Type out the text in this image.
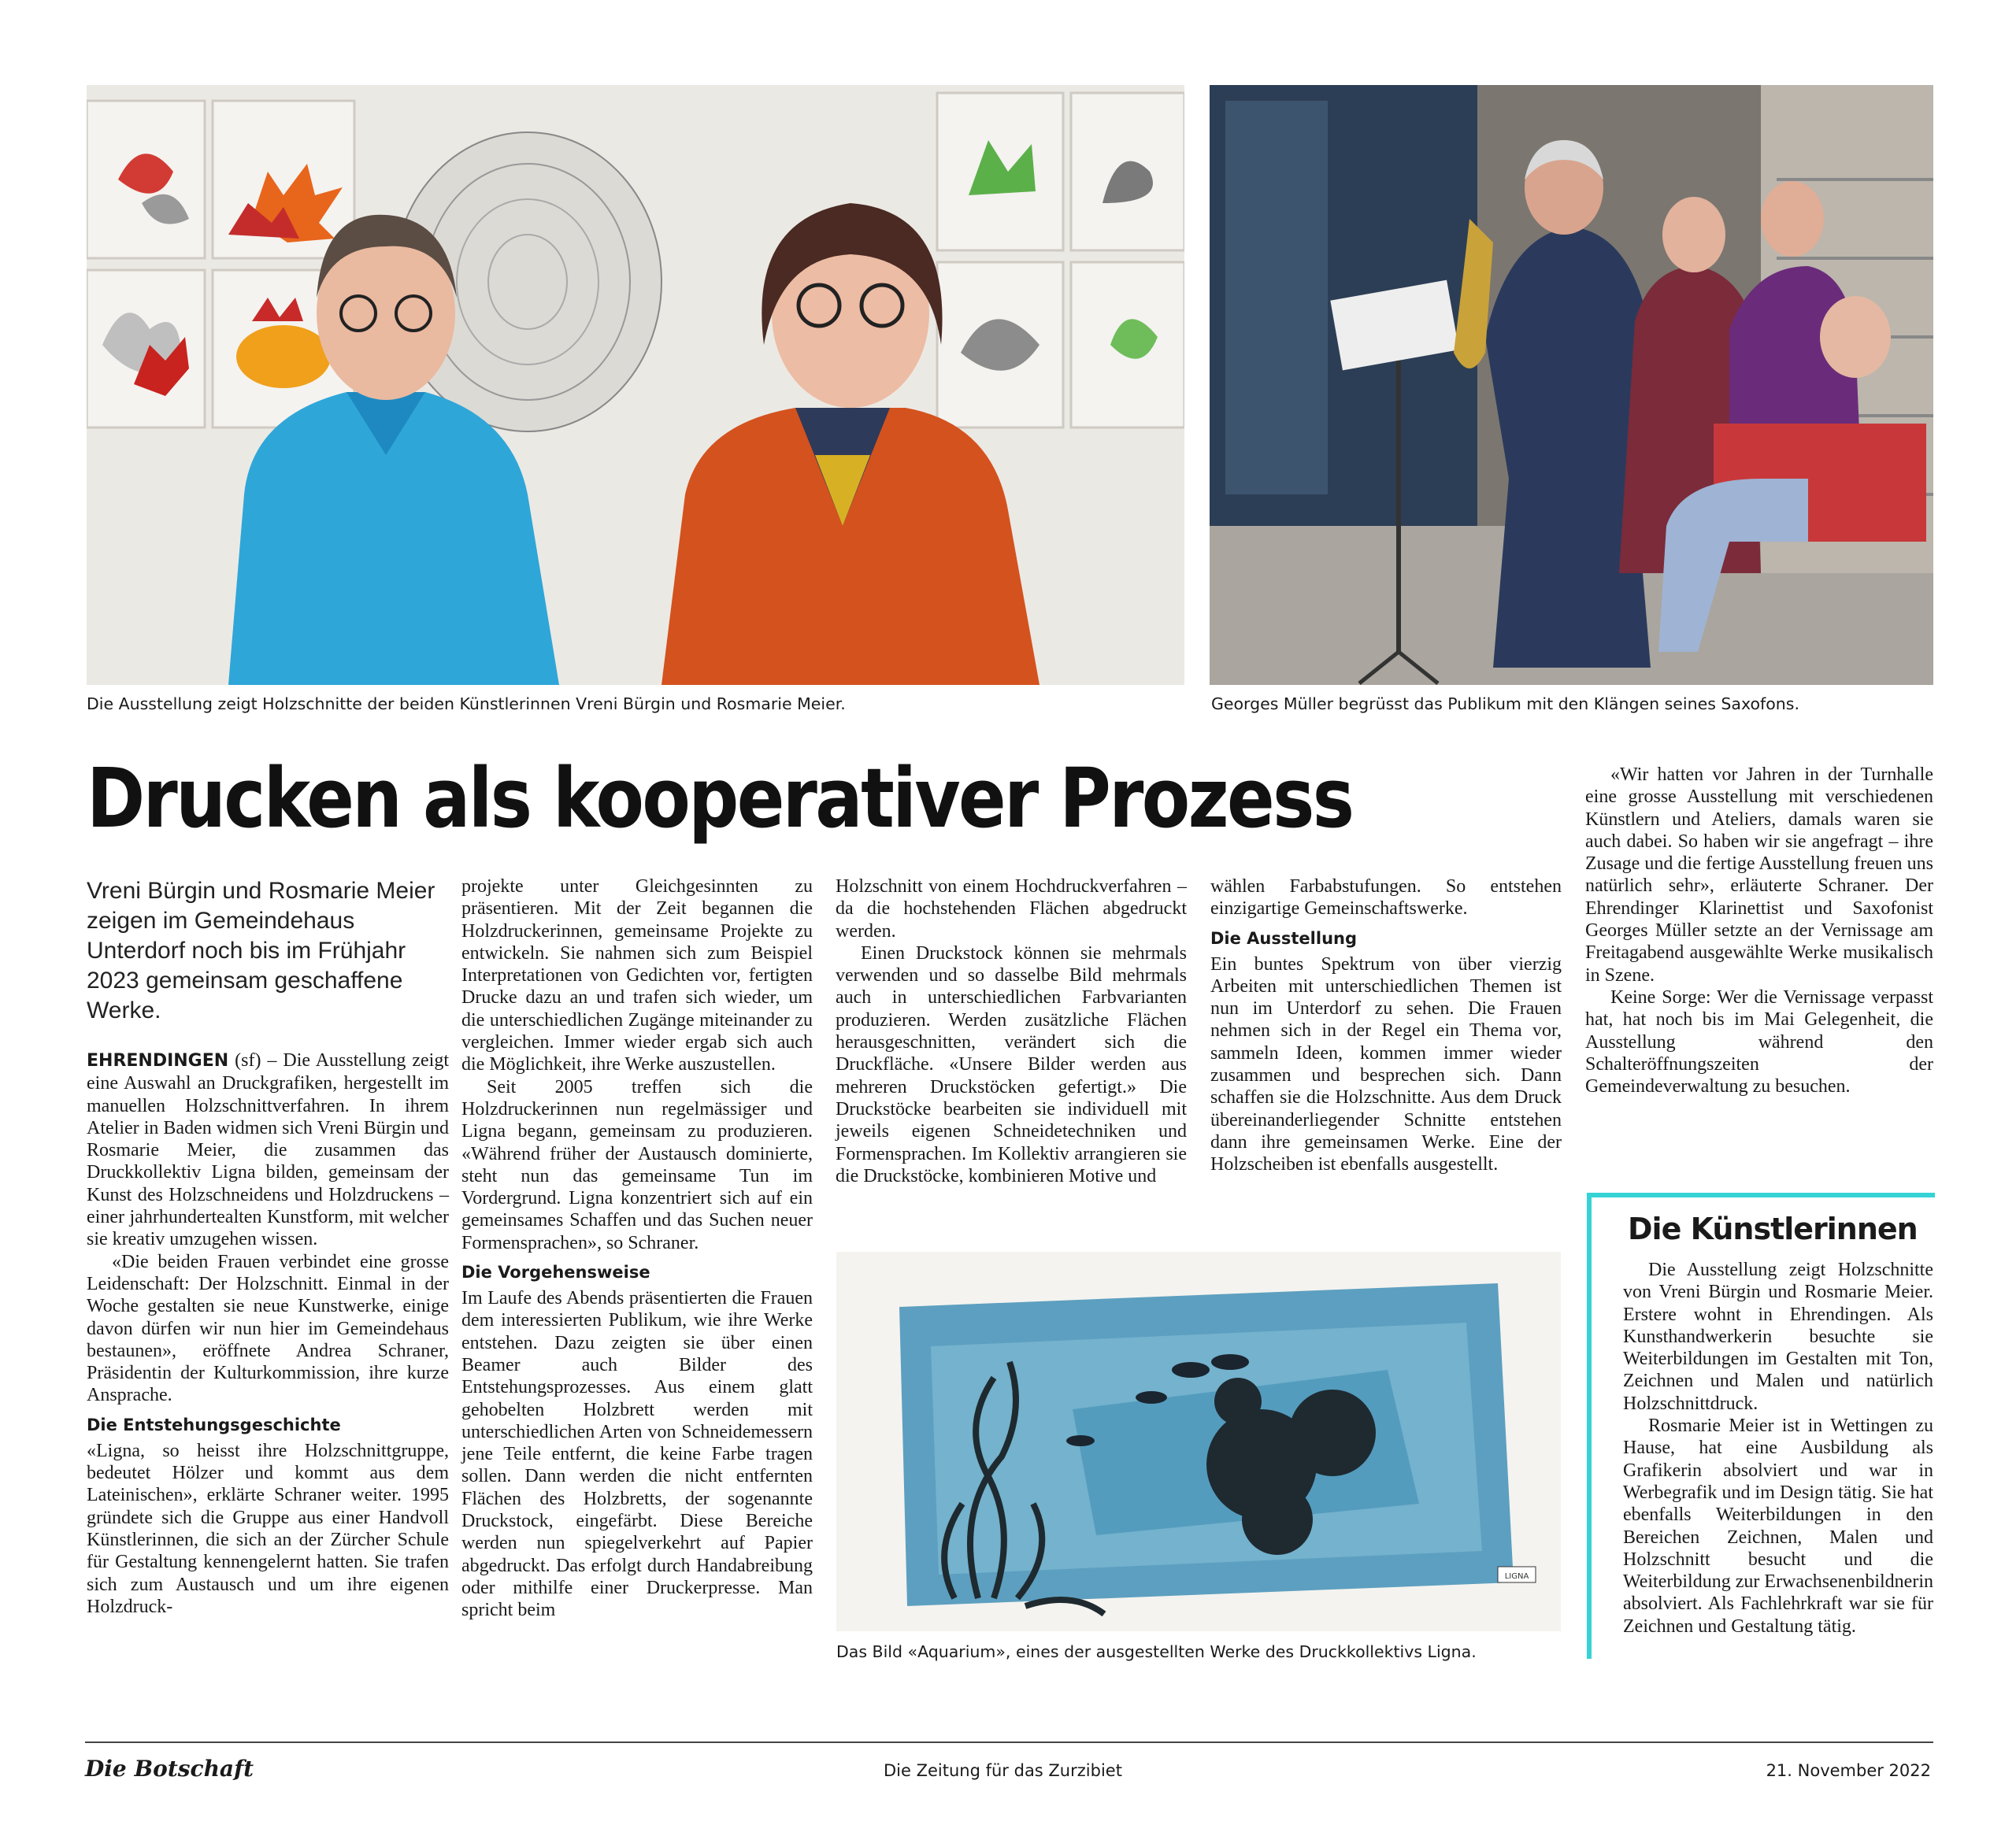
Die Ausstellung zeigt Holzschnitte der beiden Künstlerinnen Vreni Bürgin und Rosmarie Meier.	Georges Müller begrüsst das Publikum mit den Klängen seines Saxofons.
Drucken als kooperativer Prozess
Vreni Bürgin und Rosmarie Meier zeigen im Gemeindehaus Unterdorf noch bis im Frühjahr 2023 gemeinsam geschaffene Werke.

EHRENDINGEN (sf) – Die Ausstellung zeigt eine Auswahl an Druckgrafiken, hergestellt im manuellen Holzschnittverfahren. In ihrem Atelier in Baden widmen sich Vreni Bürgin und Rosmarie Meier, die zusammen das Druckkollektiv Ligna bilden, gemeinsam der Kunst des Holzschneidens und Holzdruckens – einer jahrhundertealten Kunstform, mit welcher sie kreativ umzugehen wissen.

«Die beiden Frauen verbindet eine grosse Leidenschaft: Der Holzschnitt. Einmal in der Woche gestalten sie neue Kunstwerke, einige davon dürfen wir nun hier im Gemeindehaus bestaunen», eröffnete Andrea Schraner, Präsidentin der Kulturkommission, ihre kurze Ansprache.

Die Entstehungsgeschichte

«Ligna, so heisst ihre Holzschnittgruppe, bedeutet Hölzer und kommt aus dem Lateinischen», erklärte Schraner weiter. 1995 gründete sich die Gruppe aus einer Handvoll Künstlerinnen, die sich an der Zürcher Schule für Gestaltung kennengelernt hatten. Sie trafen sich zum Austausch und um ihre eigenen Holzdruck-

projekte unter Gleichgesinnten zu präsentieren. Mit der Zeit begannen die Holzdruckerinnen, gemeinsame Projekte zu entwickeln. Sie nahmen sich zum Beispiel Interpretationen von Gedichten vor, fertigten Drucke dazu an und trafen sich wieder, um die unterschiedlichen Zugänge miteinander zu vergleichen. Immer wieder ergab sich auch die Möglichkeit, ihre Werke auszustellen.

Seit 2005 treffen sich die Holzdruckerinnen nun regelmässiger und Ligna begann, gemeinsam zu produzieren. «Während früher der Austausch dominierte, steht nun das gemeinsame Tun im Vordergrund. Ligna konzentriert sich auf ein gemeinsames Schaffen und das Suchen neuer Formensprachen», so Schraner.

Die Vorgehensweise

Im Laufe des Abends präsentierten die Frauen dem interessierten Publikum, wie ihre Werke entstehen. Dazu zeigten sie über einen Beamer auch Bilder des Entstehungsprozesses. Aus einem glatt gehobelten Holzbrett werden mit unterschiedlichen Arten von Schneidemessern jene Teile entfernt, die keine Farbe tragen sollen. Dann werden die nicht entfernten Flächen des Holzbretts, der sogenannte Druckstock, eingefärbt. Diese Bereiche werden nun spiegelverkehrt auf Papier abgedruckt. Das erfolgt durch Handabreibung oder mithilfe einer Druckerpresse. Man spricht beim

Holzschnitt von einem Hochdruckverfahren – da die hochstehenden Flächen abgedruckt werden.

Einen Druckstock können sie mehrmals verwenden und so dasselbe Bild mehrmals auch in unterschiedlichen Farbvarianten produzieren. Werden zusätzliche Flächen herausgeschnitten, verändert sich die Druckfläche. «Unsere Bilder werden aus mehreren Druckstöcken gefertigt.» Die Druckstöcke bearbeiten sie individuell mit jeweils eigenen Schneidetechniken und Formensprachen. Im Kollektiv arrangieren sie die Druckstöcke, kombinieren Motive und

wählen Farbabstufungen. So entstehen einzigartige Gemeinschaftswerke.

Die Ausstellung

Ein buntes Spektrum von über vierzig Arbeiten mit unterschiedlichen Themen ist nun im Unterdorf zu sehen. Die Frauen nehmen sich in der Regel ein Thema vor, sammeln Ideen, kommen immer wieder zusammen und besprechen sich. Dann schaffen sie die Holzschnitte. Aus dem Druck übereinanderliegender Schnitte entstehen dann ihre gemeinsamen Werke. Eine der Holzscheiben ist ebenfalls ausgestellt.

«Wir hatten vor Jahren in der Turnhalle eine grosse Ausstellung mit verschiedenen Künstlern und Ateliers, damals waren sie auch dabei. So haben wir sie angefragt – ihre Zusage und die fertige Ausstellung freuen uns natürlich sehr», erläuterte Schraner. Der Ehrendinger Klarinettist und Saxofonist Georges Müller setzte an der Vernissage am Freitagabend ausgewählte Werke musikalisch in Szene.

Keine Sorge: Wer die Vernissage verpasst hat, hat noch bis im Mai Gelegenheit, die Ausstellung während den Schalteröffnungszeiten der Gemeindeverwaltung zu besuchen.

Die Künstlerinnen

Die Ausstellung zeigt Holzschnitte von Vreni Bürgin und Rosmarie Meier. Erstere wohnt in Ehrendingen. Als Kunsthandwerkerin besuchte sie Weiterbildungen im Gestalten mit Ton, Zeichnen und Malen und natürlich Holzschnittdruck.

Rosmarie Meier ist in Wettingen zu Hause, hat eine Ausbildung als Grafikerin absolviert und war in Werbegrafik und im Design tätig. Sie hat ebenfalls Weiterbildungen in den Bereichen Zeichnen, Malen und Holzschnitt besucht und die Weiterbildung zur Erwachsenenbildnerin absolviert. Als Fachlehrkraft war sie für Zeichnen und Gestaltung tätig.

LIGNA
Das Bild «Aquarium», eines der ausgestellten Werke des Druckkollektivs Ligna.
Die Botschaft	Die Zeitung für das Zurzibiet	21. November 2022
